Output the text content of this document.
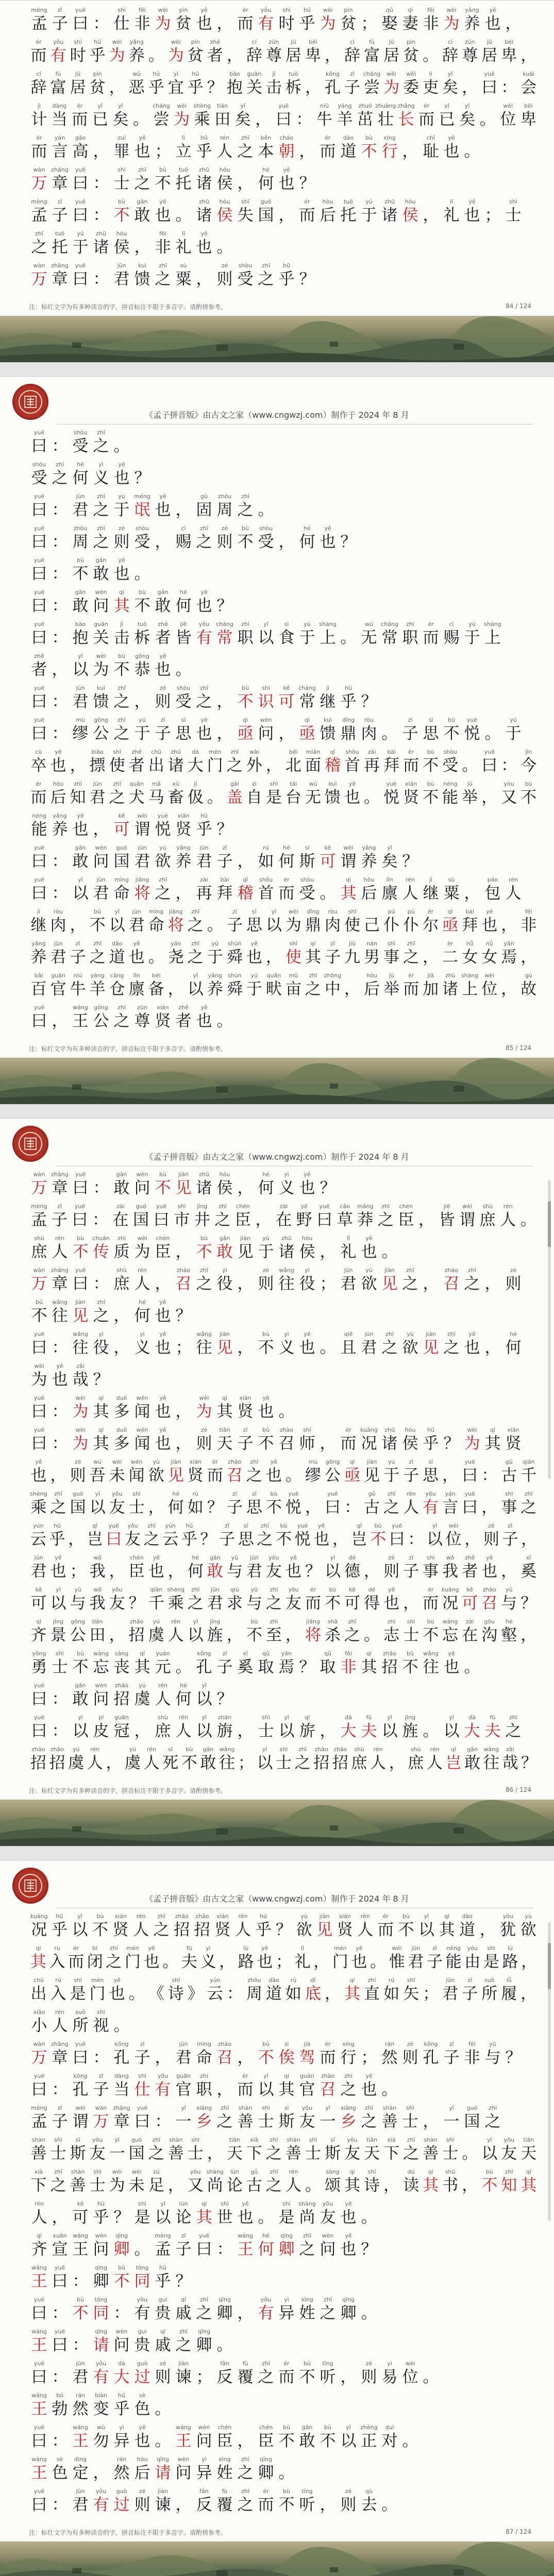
mèng
孟
zǐ
子
yuē
曰 ：
shì
仕
fēi
非
wèi
为
pín
贫
yě
也 ，
ér
而
yǒu
有
shí
时
hū
乎
wèi
为
pín
贫 ；
qǔ
娶
qī
妻
fēi
非
wèi
为
yǎng
养
yě
也 ，
ér
而
yǒu
有
shí
时
hū
乎
wèi
为
yǎng
养 。
wèi
为
pín
贫
zhě
者 ，
cí
辞
zūn
尊
jū
居
bēi
卑 ，
cí
辞
fù
富
jū
居
pín
贫 。
cí
辞
zūn
尊
jū
居
bēi
卑 ，
cí
辞
fù
富
jū
居
pín
贫 ，
wū
恶
hū
乎
yí
宜
hū
乎 ？
bào
抱
guān
关
jī
击
tuò
柝 ，
kǒng
孔
zǐ
子
cháng
尝
wèi
为
wěi
委
lì
吏
yǐ
矣 ，
yuē
曰 ：
kuài
会
jì
计
dàng
当
ér
而
yǐ
已
yǐ
矣 。
cháng
尝
wèi
为
shèng
乘
tián
田
yǐ
矣 ，
yuē
曰 ：
niú
牛
yáng
羊
zhuó
茁
zhuàng
壮
zhǎng
长
ér
而
yǐ
已
yǐ
矣 。
wèi
位
bēi
卑
ér
而
yán
言
gāo
高 ，
zuì
罪
yě
也 ；
lì
立
hū
乎
rén
人
zhī
之
běn
本
cháo
朝 ，
ér
而
dào
道
bù
不
xíng
行 ，
chǐ
耻
yě
也 。
wàn
万
zhāng
章
yuē
曰 ：
shì
士
zhī
之
bù
不
tuō
托
zhū
诸
hóu
侯 ，
hé
何
yě
也 ？
mèng
孟
zǐ
子
yuē
曰 ：
bù
不
gǎn
敢
yě
也 。
zhū
诸
hóu
侯
shī
失
guó
国 ，
ér
而
hòu
后
tuō
托
yú
于
zhū
诸
hóu
侯 ，
lǐ
礼
yě
也 ；
shì
士
zhī
之
tuō
托
yú
于
zhū
诸
hóu
侯 ，
fēi
非
lǐ
礼
yě
也 。
wàn
万
zhāng
章
yuē
曰 ：
jūn
君
kuì
馈
zhī
之
sù
粟 ，
zé
则
shòu
受
zhī
之
hū
乎 ？
注：标红文字为有多种读音的字，拼音标注不限于多音字。请酌情参考。	84 / 124
《孟子拼音版》由古文之家（www.cngwzj.com）制作于 2024 年 8 月
yuē
曰 ：
shòu
受
zhī
之 。
shòu
受
zhī
之
hé
何
yì
义
yě
也 ？
yuē
曰 ：
jūn
君
zhī
之
yú
于
méng
氓
yě
也 ，
gù
固
zhōu
周
zhī
之 。
yuē
曰 ：
zhōu
周
zhī
之
zé
则
shòu
受 ，
cì
赐
zhī
之
zé
则
bù
不
shòu
受 ，
hé
何
yě
也 ？
yuē
曰 ：
bù
不
gǎn
敢
yě
也 。
yuē
曰 ：
gǎn
敢
wèn
问
qí
其
bù
不
gǎn
敢
hé
何
yě
也 ？
yuē
曰 ：
bào
抱
guān
关
jī
击
tuò
柝
zhě
者
jiē
皆
yǒu
有
cháng
常
zhí
职
yǐ
以
sì
食
yú
于
shàng
上 。
wú
无
cháng
常
zhí
职
ér
而
cì
赐
yú
于
shàng
上
zhě
者 ，
yǐ
以
wèi
为
bù
不
gōng
恭
yě
也 。
yuē
曰 ：
jūn
君
kuì
馈
zhī
之 ，
zé
则
shòu
受
zhī
之 ，
bù
不
shí
识
kě
可
cháng
常
jì
继
hū
乎 ？
yuē
曰 ：
mù
缪
gōng
公
zhī
之
yú
于
zǐ
子
sī
思
yě
也 ，
qì
亟
wèn
问 ，
qì
亟
kuì
馈
dǐng
鼎
ròu
肉 。
zǐ
子
sī
思
bù
不
yuè
悦 。
yú
于
cù
卒
yě
也 ，
biāo
摽
shǐ
使
zhě
者
chū
出
zhū
诸
dà
大
mén
门
zhī
之
wài
外 ，
běi
北
miàn
面
qǐ
稽
shǒu
首
zài
再
bài
拜
ér
而
bù
不
shòu
受 。
yuē
曰 ：
jīn
今
ér
而
hòu
后
zhī
知
jūn
君
zhī
之
quǎn
犬
mǎ
马
xù
畜
jí
伋 。
gài
盖
zì
自
shì
是
tái
台
wú
无
kuì
馈
yě
也 。
yuè
悦
xián
贤
bù
不
néng
能
jǔ
举 ，
yòu
又
bù
不
néng
能
yǎng
养
yě
也 ，
kě
可
wèi
谓
yuè
悦
xián
贤
hū
乎 ？
yuē
曰 ：
gǎn
敢
wèn
问
guó
国
jūn
君
yù
欲
yǎng
养
jūn
君
zǐ
子 ，
rú
如
hé
何
sī
斯
kě
可
wèi
谓
yǎng
养
yǐ
矣 ？
yuē
曰 ：
yǐ
以
jūn
君
mìng
命
jiāng
将
zhī
之 ，
zài
再
bài
拜
qǐ
稽
shǒu
首
ér
而
shòu
受 。
qí
其
hòu
后
lǐn
廪
rén
人
jì
继
sù
粟 ，
páo
包
rén
人
jì
继
ròu
肉 ，
bù
不
yǐ
以
jūn
君
mìng
命
jiāng
将
zhī
之 。
zǐ
子
sī
思
yǐ
以
wèi
为
dǐng
鼎
ròu
肉
shǐ
使 己
pú
仆
pú
仆
ěr
尔
qì
亟
bài
拜
yě
也 ，
fēi
非
yǎng
养
jūn
君
zǐ
子
zhī
之
dào
道
yě
也 。
yáo
尧
zhī
之
yú
于
shùn
舜
yě
也 ，
shǐ
使
qí
其
zǐ
子
jiǔ
九
nán
男
shì
事
zhī
之 ，
èr
二
nǚ
女
nǚ
女
yān
焉 ，
bǎi
百
guān
官
niú
牛
yáng
羊
cāng
仓
lǐn
廪
bèi
备 ，
yǐ
以
yǎng
养
shùn
舜
yú
于
quǎn
畎
mǔ
亩
zhī
之
zhōng
中 ，
hòu
后
jǔ
举
ér
而
jiā
加
zhū
诸
shàng
上
wèi
位 ，
gù
故
yuē
曰 ，
wáng
王
gōng
公
zhī
之
zūn
尊
xián
贤
zhě
者
yě
也 。
注：标红文字为有多种读音的字，拼音标注不限于多音字。请酌情参考。	85 / 124
《孟子拼音版》由古文之家（www.cngwzj.com）制作于 2024 年 8 月
wàn
万
zhāng
章
yuē
曰 ：
gǎn
敢
wèn
问
bù
不
jiàn
见
zhū
诸
hóu
侯 ，
hé
何
yì
义
yě
也 ？
mèng
孟
zǐ
子
yuē
曰 ：
zài
在
guó
国
yuē
曰
shì
市
jǐng
井
zhī
之
chén
臣 ，
zài
在
yě
野
yuē
曰
cǎo
草
mǎng
莽
zhī
之
chén
臣 ，
jiē
皆
wèi
谓
shù
庶
rén
人 。
shù
庶
rén
人
bù
不
chuán
传
zhì
质
wèi
为
chén
臣 ，
bù
不
gǎn
敢
jiàn
见
yú
于
zhū
诸
hóu
侯 ，
lǐ
礼
yě
也 。
wàn
万
zhāng
章
yuē
曰 ：
shù
庶
rén
人 ，
zhào
召
zhī
之
yì
役 ，
zé
则
wǎng
往
yì
役 ；
jūn
君
yù
欲
jiàn
见
zhī
之 ，
zhào
召
zhī
之 ，
zé
则
bù
不
wǎng
往
jiàn
见
zhī
之 ，
hé
何
yě
也 ？
yuē
曰 ：
wǎng
往
yì
役 ，
yì
义
yě
也 ；
wǎng
往
jiàn
见 ，
bù
不
yì
义
yě
也 。
qiě
且
jūn
君
zhī
之
yù
欲
jiàn
见
zhī
之
yě
也 ，
hé
何
wèi
为
yě
也
zāi
哉 ？
yuē
曰 ：
wèi
为
qí
其
duō
多
wén
闻
yě
也 ，
wèi
为
qí
其
xián
贤
yě
也 。
yuē
曰 ：
wèi
为
qí
其
duō
多
wén
闻
yě
也 ，
zé
则
tiān
天
zǐ
子
bù
不
zhào
召
shī
师 ，
ér
而
kuàng
况
zhū
诸
hóu
侯
hū
乎 ？
wèi
为
qí
其
xián
贤
yě
也 ，
zé
则
wú
吾
wèi
未
wén
闻
yù
欲
jiàn
见
xián
贤
ér
而
zhào
召
zhī
之
yě
也 。
mù
缪
gōng
公
qì
亟
jiàn
见
yú
于
zǐ
子
sī
思 ，
yuē
曰 ：
gǔ
古
qiān
千
shèng
乘
zhī
之
guó
国
yǐ
以
yǒu
友
shì
士 ，
hé
何
rú
如 ？
zǐ
子
sī
思
bù
不
yuè
悦 ，
yuē
曰 ：
gǔ
古
zhī
之
rén
人
yǒu
有
yán
言
yuē
曰 ，
shì
事
zhī
之
yún
云
hū
乎 ，
qǐ
岂
yuē
曰
yǒu
友
zhī
之
yún
云
hū
乎 ？
zǐ
子
sī
思
zhī
之
bù
不
yuè
悦
yě
也 ，
qǐ
岂
bù
不
yuē
曰 ：
yǐ
以
wèi
位 ，
zé
则
zǐ
子 ，
jūn
君
yě
也 ；
wǒ
我 ，
chén
臣
yě
也 ，
hé
何
gǎn
敢
yǔ
与
jūn
君
yǒu
友
yě
也 ？
yǐ
以
dé
德 ，
zé
则
zǐ
子
shì
事
wǒ
我
zhě
者
yě
也 ，
xī
奚
kě
可
yǐ
以
yǔ
与
wǒ
我
yǒu
友 ？
qiān
千
shèng
乘
zhī
之
jūn
君
qiú
求
yǔ
与
zhī
之
yǒu
友
ér
而
bù
不
kě
可
dé
得
yě
也 ，
ér
而
kuàng
况
kě
可
zhào
召
yǔ
与 ？
qí
齐
jǐng
景
gōng
公
tián
田 ，
zhāo
招
yú
虞
rén
人
yǐ
以
jīng
旌 ，
bù
不
zhì
至 ，
jiāng
将
shā
杀
zhī
之 。
zhì
志
shì
士
bù
不
wàng
忘
zài
在
gōu
沟
hè
壑 ，
yǒng
勇
shì
士
bù
不
wàng
忘
sàng
丧
qí
其
yuán
元 。
kǒng
孔
zǐ
子
xī
奚
qǔ
取
yān
焉 ？
qǔ
取
fēi
非
qí
其
zhāo
招
bù
不
wǎng
往
yě
也 。
yuē
曰 ：
gǎn
敢
wèn
问
zhāo
招
yú
虞
rén
人
hé
何
yǐ
以 ？
yuē
曰 ：
yǐ
以
pí
皮
guān
冠 ，
shù
庶
rén
人
yǐ
以
zhān
旃 ，
shì
士
yǐ
以
qí
旂 ，
dà
大
fū
夫
yǐ
以
jīng
旌 。
yǐ
以
dà
大
fū
夫
zhī
之
zhāo
招
zhāo
招
yú
虞
rén
人 ，
yú
虞
rén
人
sǐ
死
bù
不
gǎn
敢
wǎng
往 ；
yǐ
以
shì
士
zhī
之
zhāo
招
zhāo
招
shù
庶
rén
人 ，
shù
庶
rén
人
qǐ
岂
gǎn
敢
wǎng
往
zāi
哉 ？
注：标红文字为有多种读音的字，拼音标注不限于多音字。请酌情参考。	86 / 124
《孟子拼音版》由古文之家（www.cngwzj.com）制作于 2024 年 8 月
kuàng
况
hū
乎
yǐ
以
bù
不
xián
贤
rén
人
zhī
之
zhāo
招
zhāo
招
xián
贤
rén
人
hū
乎 ？
yù
欲
jiàn
见
xián
贤
rén
人
ér
而
bù
不
yǐ
以
qí
其
dào
道 ，
yóu
犹
yù
欲
qí
其
rù
入
ér
而
bì
闭
zhī
之
mén
门
yě
也 。
fū
夫
yì
义 ，
lù
路
yě
也 ；
lǐ
礼 ，
mén
门
yě
也 。
wéi
惟
jūn
君
zǐ
子
néng
能
yóu
由
shì
是
lù
路 ，
chū
出
rù
入
shì
是
mén
门
yě
也 。 《
shī
诗 》
yún
云 ：
zhōu
周
dào
道
rú
如
dǐ
底 ，
qí
其
zhí
直
rú
如
shǐ
矢 ；
jūn
君
zǐ
子
suǒ
所
lǚ
履 ，
xiǎo
小
rén
人
suǒ
所
shì
视 。
wàn
万
zhāng
章
yuē
曰 ：
kǒng
孔
zǐ
子 ，
jūn
君
mìng
命
zhào
召 ，
bù
不
sì
俟
jià
驾
ér
而
xíng
行 ；
rán
然
zé
则
kǒng
孔
zǐ
子
fēi
非
yǔ
与 ？
yuē
曰 ：
kǒng
孔
zǐ
子
dàng
当
shì
仕
yǒu
有
guān
官
zhí
职 ，
ér
而
yǐ
以
qí
其
guān
官
zhào
召
zhī
之
yě
也 。
mèng
孟
zǐ
子
wèi
谓
wàn
万
zhāng
章
yuē
曰 ：
yī
一
xiāng
乡
zhī
之
shàn
善
shì
士
sī
斯
yǒu
友
yī
一
xiāng
乡
zhī
之
shàn
善
shì
士 ，
yī
一
guó
国
zhī
之
shàn
善
shì
士
sī
斯
yǒu
友
yī
一
guó
国
zhī
之
shàn
善
shì
士 ，
tiān
天
xià
下
zhī
之
shàn
善
shì
士
sī
斯
yǒu
友
tiān
天
xià
下
zhī
之
shàn
善
shì
士 。
yǐ
以
yǒu
友
tiān
天
xià
下
zhī
之
shàn
善
shì
士
wèi
为
wèi
未
zú
足 ，
yòu
又
shàng
尚
lùn
论
gǔ
古
zhī
之
rén
人 。
sòng
颂
qí
其
shī
诗 ，
dú
读
qí
其
shū
书 ，
bù
不
zhī
知
qí
其
rén
人 ，
kě
可
hū
乎 ？
shì
是
yǐ
以
lùn
论
qí
其
shì
世
yě
也 。
shì
是
shàng
尚
yǒu
友
yě
也 。
qí
齐
xuān
宣
wáng
王
wèn
问
qīng
卿 。
mèng
孟
zǐ
子
yuē
曰 ：
wáng
王
hé
何
qīng
卿
zhī
之
wèn
问
yě
也 ？
wáng
王
yuē
曰 ：
qīng
卿
bù
不
tóng
同
hū
乎 ？
yuē
曰 ：
bù
不
tóng
同 ：
yǒu
有
guì
贵
qī
戚
zhī
之
qīng
卿 ，
yǒu
有
yì
异
xìng
姓
zhī
之
qīng
卿 。
wáng
王
yuē
曰 ：
qǐng
请
wèn
问
guì
贵
qī
戚
zhī
之
qīng
卿 。
yuē
曰 ：
jūn
君
yǒu
有
dà
大
guò
过
zé
则
jiàn
谏 ；
fǎn
反
fù
覆
zhī
之
ér
而
bù
不
tīng
听 ，
zé
则
yì
易
wèi
位 。
wáng
王
bó
勃
rán
然
biàn
变
hū
乎
sè
色 。
yuē
曰 ：
wáng
王
wù
勿
yì
异
yě
也 。
wáng
王
wèn
问
chén
臣 ，
chén
臣
bù
不
gǎn
敢
bù
不
yǐ
以
zhèng
正
duì
对 。
wáng
王
sè
色
dìng
定 ，
rán
然
hòu
后
qǐng
请
wèn
问
yì
异
xìng
姓
zhī
之
qīng
卿 。
yuē
曰 ：
jūn
君
yǒu
有
guò
过
zé
则
jiàn
谏 ，
fǎn
反
fù
覆
zhī
之
ér
而
bù
不
tīng
听 ，
zé
则
qù
去 。
注：标红文字为有多种读音的字，拼音标注不限于多音字。请酌情参考。	87 / 124
